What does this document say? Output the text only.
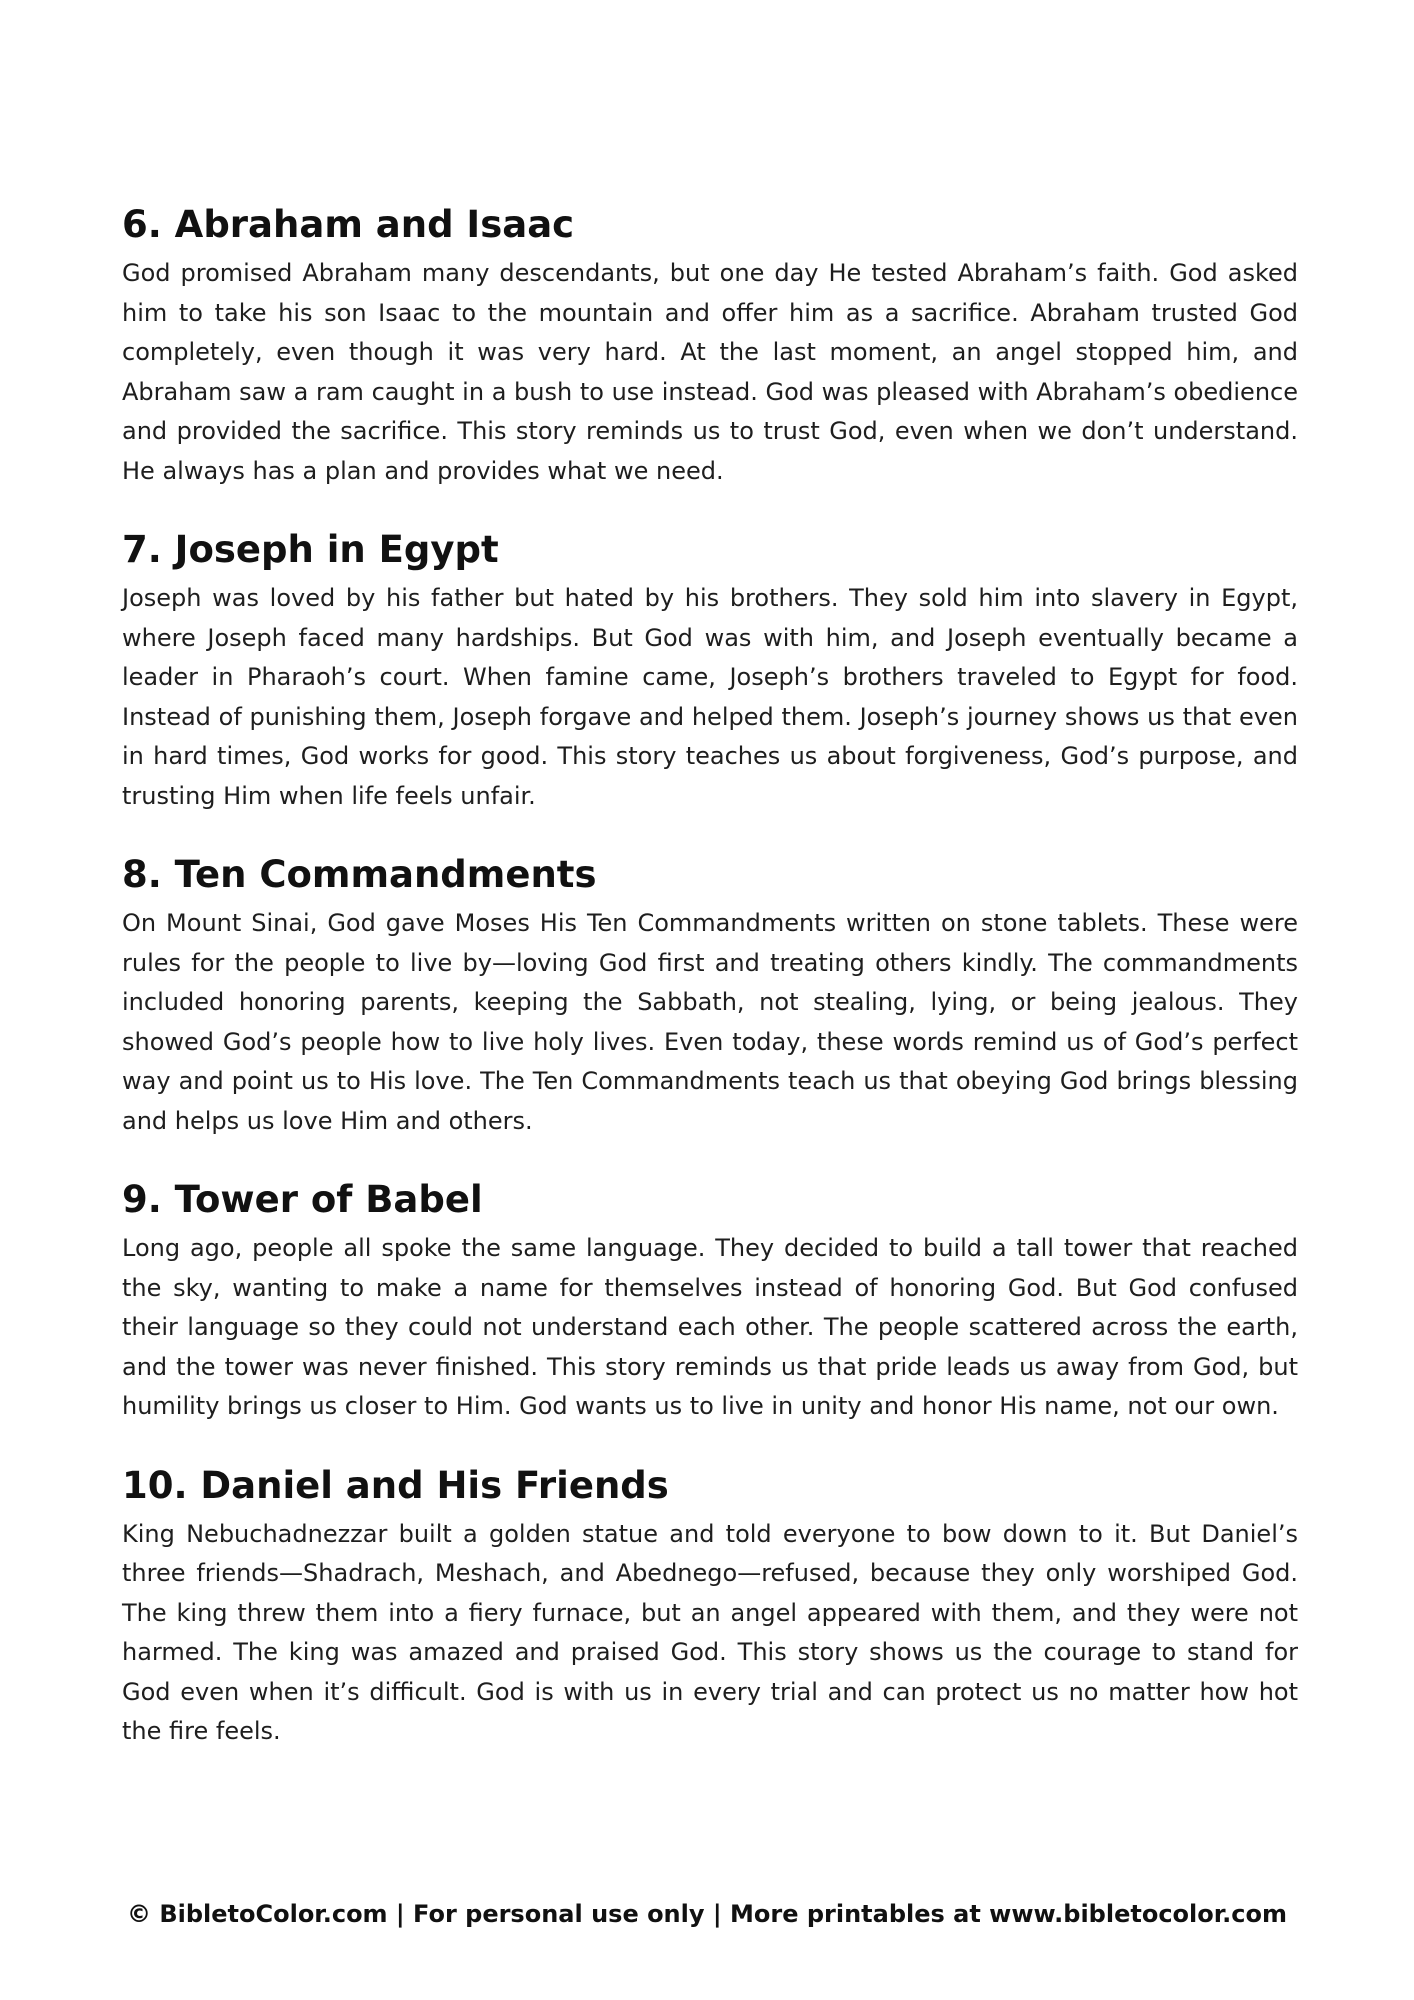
6. Abraham and Isaac

God promised Abraham many descendants, but one day He tested Abraham’s faith. God asked him to take his son Isaac to the mountain and offer him as a sacrifice. Abraham trusted God completely, even though it was very hard. At the last moment, an angel stopped him, and Abraham saw a ram caught in a bush to use instead. God was pleased with Abraham’s obedience and provided the sacrifice. This story reminds us to trust God, even when we don’t understand. He always has a plan and provides what we need.

7. Joseph in Egypt

Joseph was loved by his father but hated by his brothers. They sold him into slavery in Egypt, where Joseph faced many hardships. But God was with him, and Joseph eventually became a leader in Pharaoh’s court. When famine came, Joseph’s brothers traveled to Egypt for food. Instead of punishing them, Joseph forgave and helped them. Joseph’s journey shows us that even in hard times, God works for good. This story teaches us about forgiveness, God’s purpose, and trusting Him when life feels unfair.

8. Ten Commandments

On Mount Sinai, God gave Moses His Ten Commandments written on stone tablets. These were rules for the people to live by—loving God first and treating others kindly. The commandments included honoring parents, keeping the Sabbath, not stealing, lying, or being jealous. They showed God’s people how to live holy lives. Even today, these words remind us of God’s perfect way and point us to His love. The Ten Commandments teach us that obeying God brings blessing and helps us love Him and others.

9. Tower of Babel

Long ago, people all spoke the same language. They decided to build a tall tower that reached the sky, wanting to make a name for themselves instead of honoring God. But God confused their language so they could not understand each other. The people scattered across the earth, and the tower was never finished. This story reminds us that pride leads us away from God, but humility brings us closer to Him. God wants us to live in unity and honor His name, not our own.

10. Daniel and His Friends

King Nebuchadnezzar built a golden statue and told everyone to bow down to it. But Daniel’s three friends—Shadrach, Meshach, and Abednego—refused, because they only worshiped God. The king threw them into a fiery furnace, but an angel appeared with them, and they were not harmed. The king was amazed and praised God. This story shows us the courage to stand for God even when it’s difficult. God is with us in every trial and can protect us no matter how hot the fire feels.

© BibletoColor.com | For personal use only | More printables at www.bibletocolor.com
